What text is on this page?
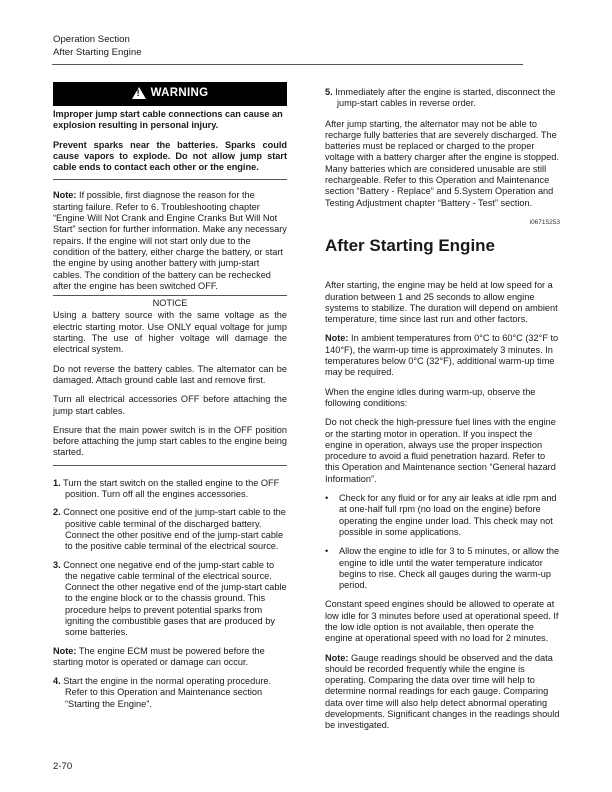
Operation Section
After Starting Engine
!
WARNING

Improper jump start cable connections can cause an explosion resulting in personal injury.

Prevent sparks near the batteries. Sparks could cause vapors to explode. Do not allow jump start cable ends to contact each other or the engine.

Note: If possible, first diagnose the reason for the starting failure. Refer to 6. Troubleshooting chapter “Engine Will Not Crank and Engine Cranks But Will Not Start” section for further information. Make any necessary repairs. If the engine will not start only due to the condition of the battery, either charge the battery, or start the engine by using another battery with jump-start cables. The condition of the battery can be rechecked after the engine has been switched OFF.

NOTICE

Using a battery source with the same voltage as the electric starting motor. Use ONLY equal voltage for jump starting. The use of higher voltage will damage the electrical system.

Do not reverse the battery cables. The alternator can be damaged. Attach ground cable last and remove first.

Turn all electrical accessories OFF before attaching the jump start cables.

Ensure that the main power switch is in the OFF position before attaching the jump start cables to the engine being started.

1. Turn the start switch on the stalled engine to the OFF position. Turn off all the engines accessories.
2. Connect one positive end of the jump-start cable to the positive cable terminal of the discharged battery. Connect the other positive end of the jump-start cable to the positive cable terminal of the electrical source.
3. Connect one negative end of the jump-start cable to the negative cable terminal of the electrical source. Connect the other negative end of the jump-start cable to the engine block or to the chassis ground. This procedure helps to prevent potential sparks from igniting the combustible gases that are produced by some batteries.

Note: The engine ECM must be powered before the starting motor is operated or damage can occur.

4. Start the engine in the normal operating procedure. Refer to this Operation and Maintenance section “Starting the Engine”.
5. Immediately after the engine is started, disconnect the jump-start cables in reverse order.

After jump starting, the alternator may not be able to recharge fully batteries that are severely discharged. The batteries must be replaced or charged to the proper voltage with a battery charger after the engine is stopped. Many batteries which are considered unusable are still rechargeable. Refer to this Operation and Maintenance section “Battery - Replace” and 5.System Operation and Testing Adjustment chapter “Battery - Test” section.

i06715253
After Starting Engine

After starting, the engine may be held at low speed for a duration between 1 and 25 seconds to allow engine systems to stabilize. The duration will depend on ambient temperature, time since last run and other factors.

Note: In ambient temperatures from 0°C to 60°C (32°F to 140°F), the warm-up time is approximately 3 minutes. In temperatures below 0°C (32°F), additional warm-up time may be required.

When the engine idles during warm-up, observe the following conditions:

Do not check the high-pressure fuel lines with the engine or the starting motor in operation. If you inspect the engine in operation, always use the proper inspection procedure to avoid a fluid penetration hazard. Refer to this Operation and Maintenance section “General hazard Information”.

• Check for any fluid or for any air leaks at idle rpm and at one-half full rpm (no load on the engine) before operating the engine under load. This check may not possible in some applications.
• Allow the engine to idle for 3 to 5 minutes, or allow the engine to idle until the water temperature indicator begins to rise. Check all gauges during the warm-up period.

Constant speed engines should be allowed to operate at low idle for 3 minutes before used at operational speed. If the low idle option is not available, then operate the engine at operational speed with no load for 2 minutes.

Note: Gauge readings should be observed and the data should be recorded frequently while the engine is operating. Comparing the data over time will help to determine normal readings for each gauge. Comparing data over time will also help detect abnormal operating developments. Significant changes in the readings should be investigated.

2-70
